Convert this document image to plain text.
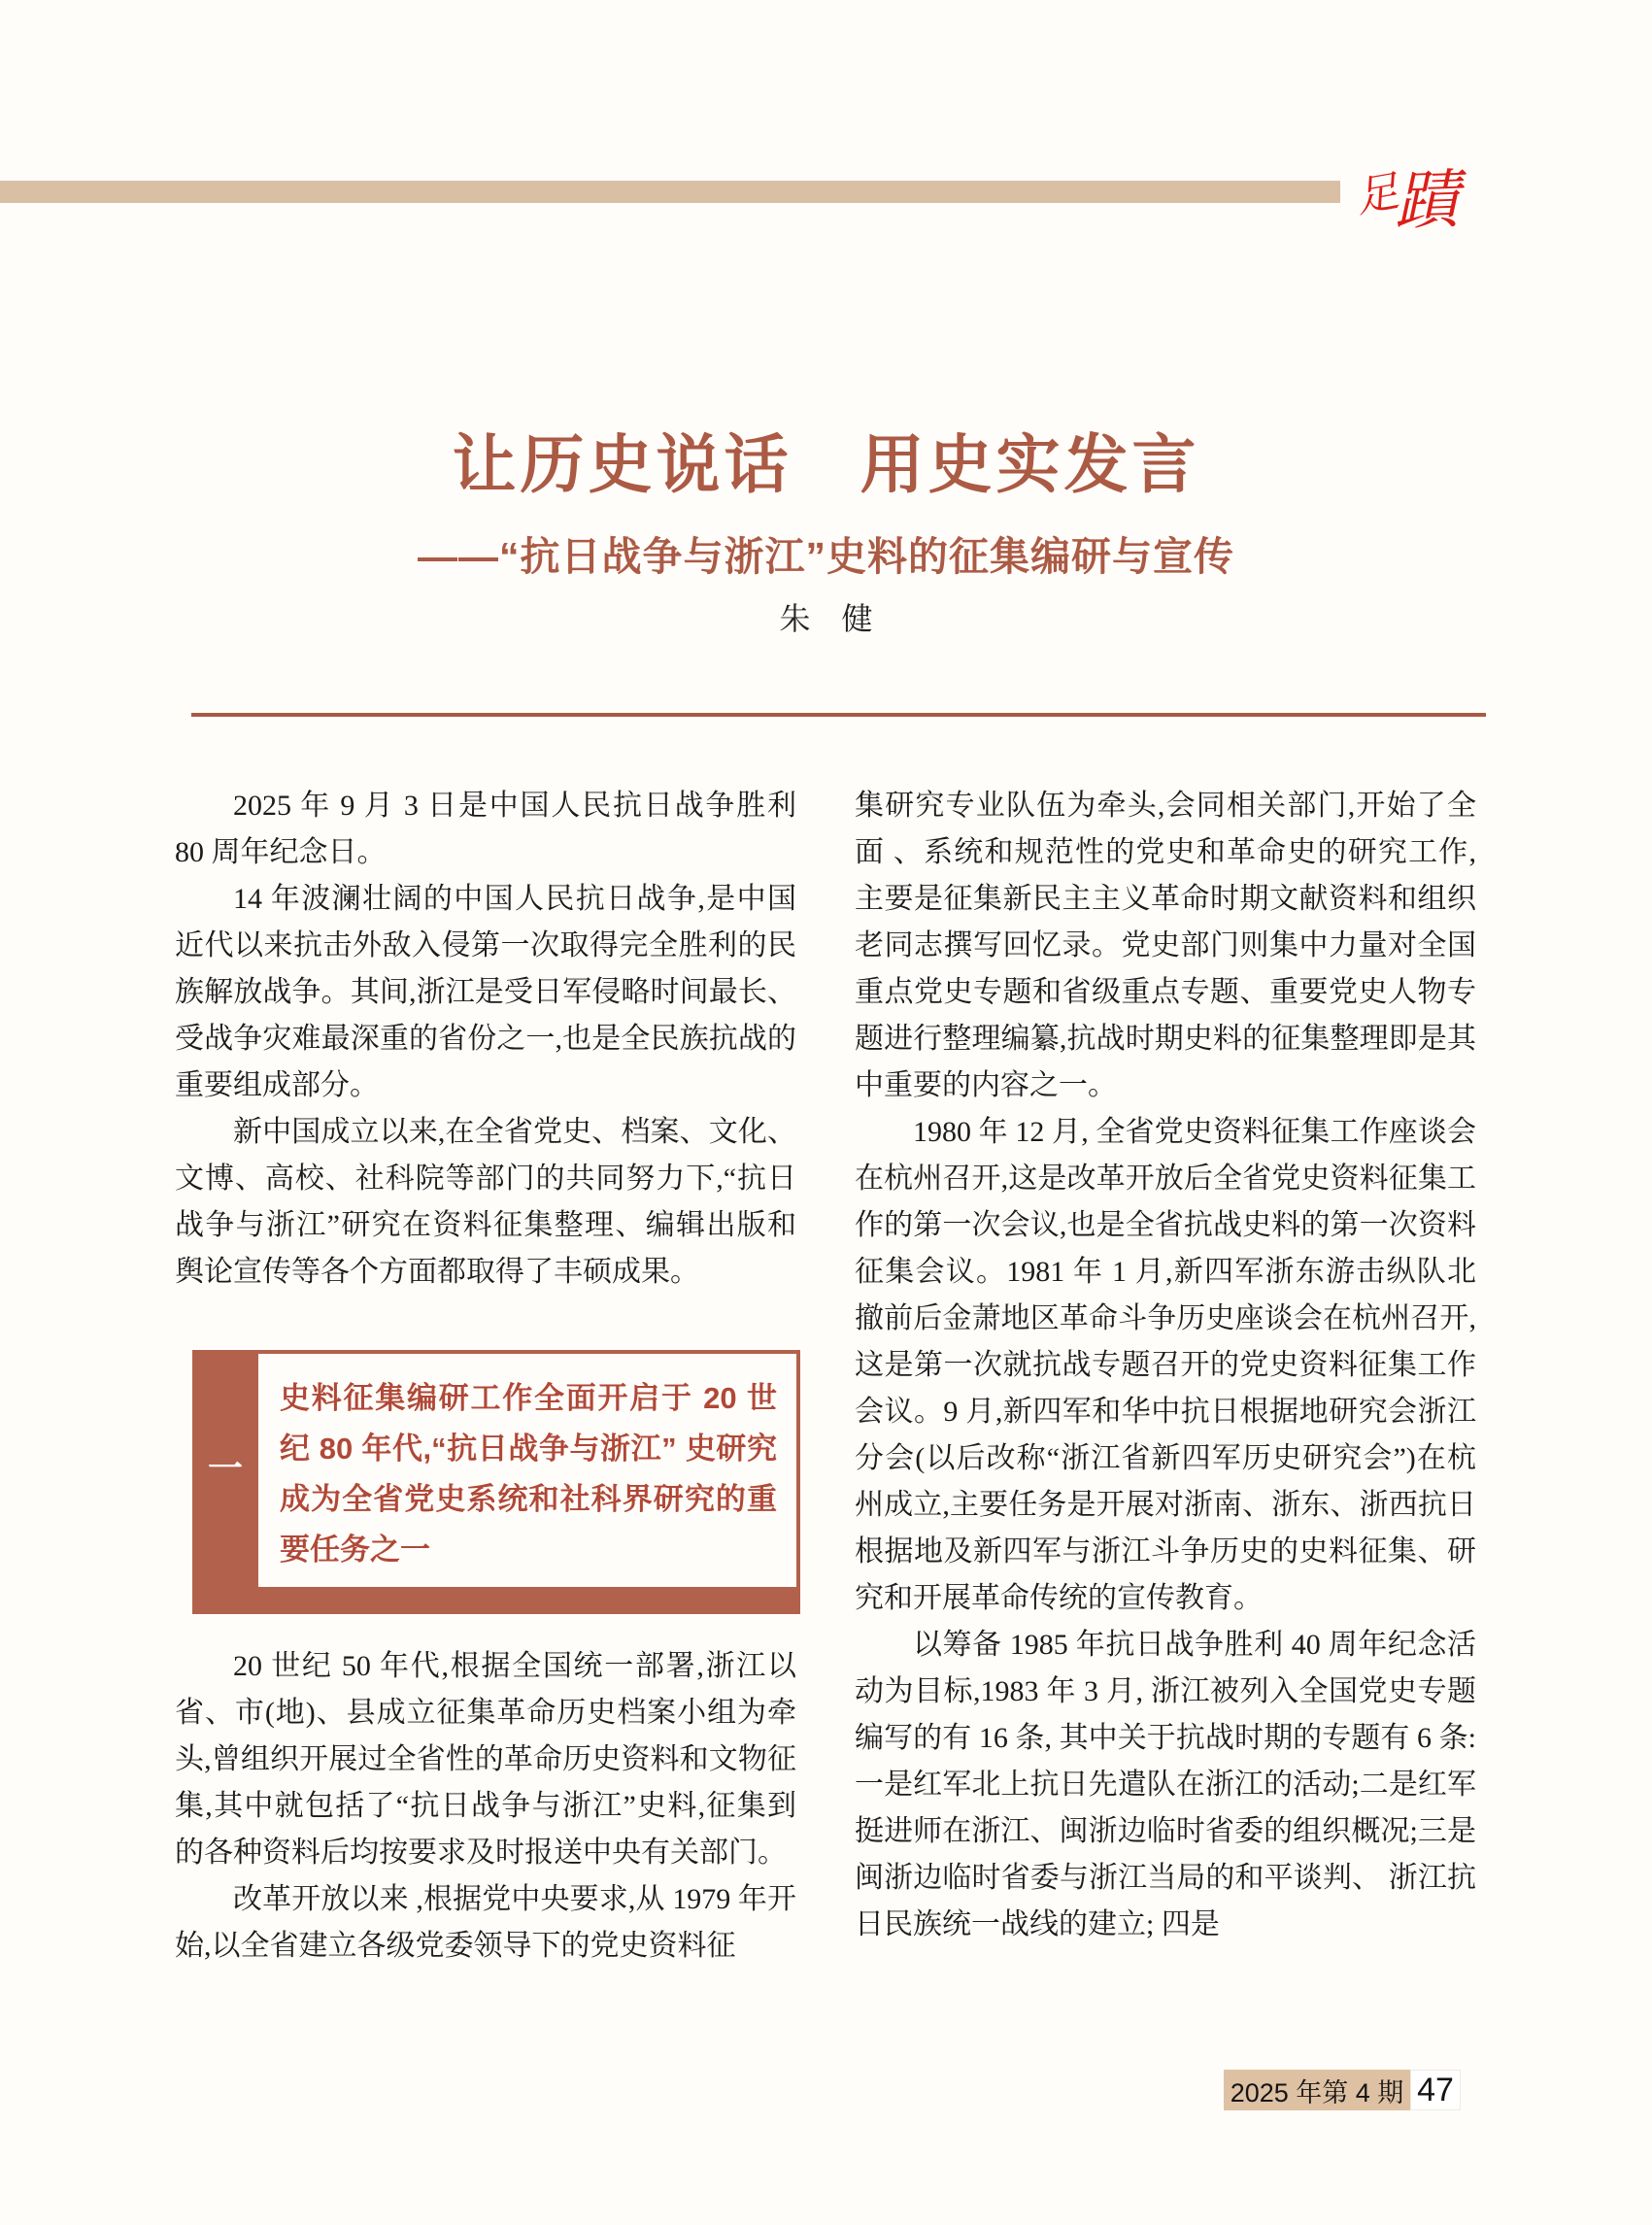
足蹟
让历史说话　用史实发言
——“抗日战争与浙江”史料的征集编研与宣传
朱　健

2025 年 9 月 3 日是中国人民抗日战争胜利 80 周年纪念日。

14 年波澜壮阔的中国人民抗日战争,是中国近代以来抗击外敌入侵第一次取得完全胜利的民族解放战争。其间,浙江是受日军侵略时间最长、受战争灾难最深重的省份之一,也是全民族抗战的重要组成部分。

新中国成立以来,在全省党史、档案、文化、文博、高校、社科院等部门的共同努力下,“抗日战争与浙江”研究在资料征集整理、编辑出版和舆论宣传等各个方面都取得了丰硕成果。

一
史料征集编研工作全面开启于 20 世纪 80 年代,“抗日战争与浙江” 史研究成为全省党史系统和社科界研究的重要任务之一

20 世纪 50 年代,根据全国统一部署,浙江以省、市(地)、县成立征集革命历史档案小组为牵头,曾组织开展过全省性的革命历史资料和文物征集,其中就包括了“抗日战争与浙江”史料,征集到的各种资料后均按要求及时报送中央有关部门。

改革开放以来 ,根据党中央要求,从 1979 年开始,以全省建立各级党委领导下的党史资料征

集研究专业队伍为牵头,会同相关部门,开始了全面 、系统和规范性的党史和革命史的研究工作,主要是征集新民主主义革命时期文献资料和组织老同志撰写回忆录。党史部门则集中力量对全国重点党史专题和省级重点专题、重要党史人物专题进行整理编纂,抗战时期史料的征集整理即是其中重要的内容之一。

1980 年 12 月, 全省党史资料征集工作座谈会在杭州召开,这是改革开放后全省党史资料征集工作的第一次会议,也是全省抗战史料的第一次资料征集会议。1981 年 1 月,新四军浙东游击纵队北撤前后金萧地区革命斗争历史座谈会在杭州召开,这是第一次就抗战专题召开的党史资料征集工作会议。9 月,新四军和华中抗日根据地研究会浙江分会(以后改称“浙江省新四军历史研究会”)在杭州成立,主要任务是开展对浙南、浙东、浙西抗日根据地及新四军与浙江斗争历史的史料征集、研究和开展革命传统的宣传教育。

以筹备 1985 年抗日战争胜利 40 周年纪念活动为目标,1983 年 3 月, 浙江被列入全国党史专题编写的有 16 条, 其中关于抗战时期的专题有 6 条: 一是红军北上抗日先遣队在浙江的活动;二是红军挺进师在浙江、闽浙边临时省委的组织概况;三是闽浙边临时省委与浙江当局的和平谈判、 浙江抗日民族统一战线的建立; 四是

2025 年第 4 期 47
